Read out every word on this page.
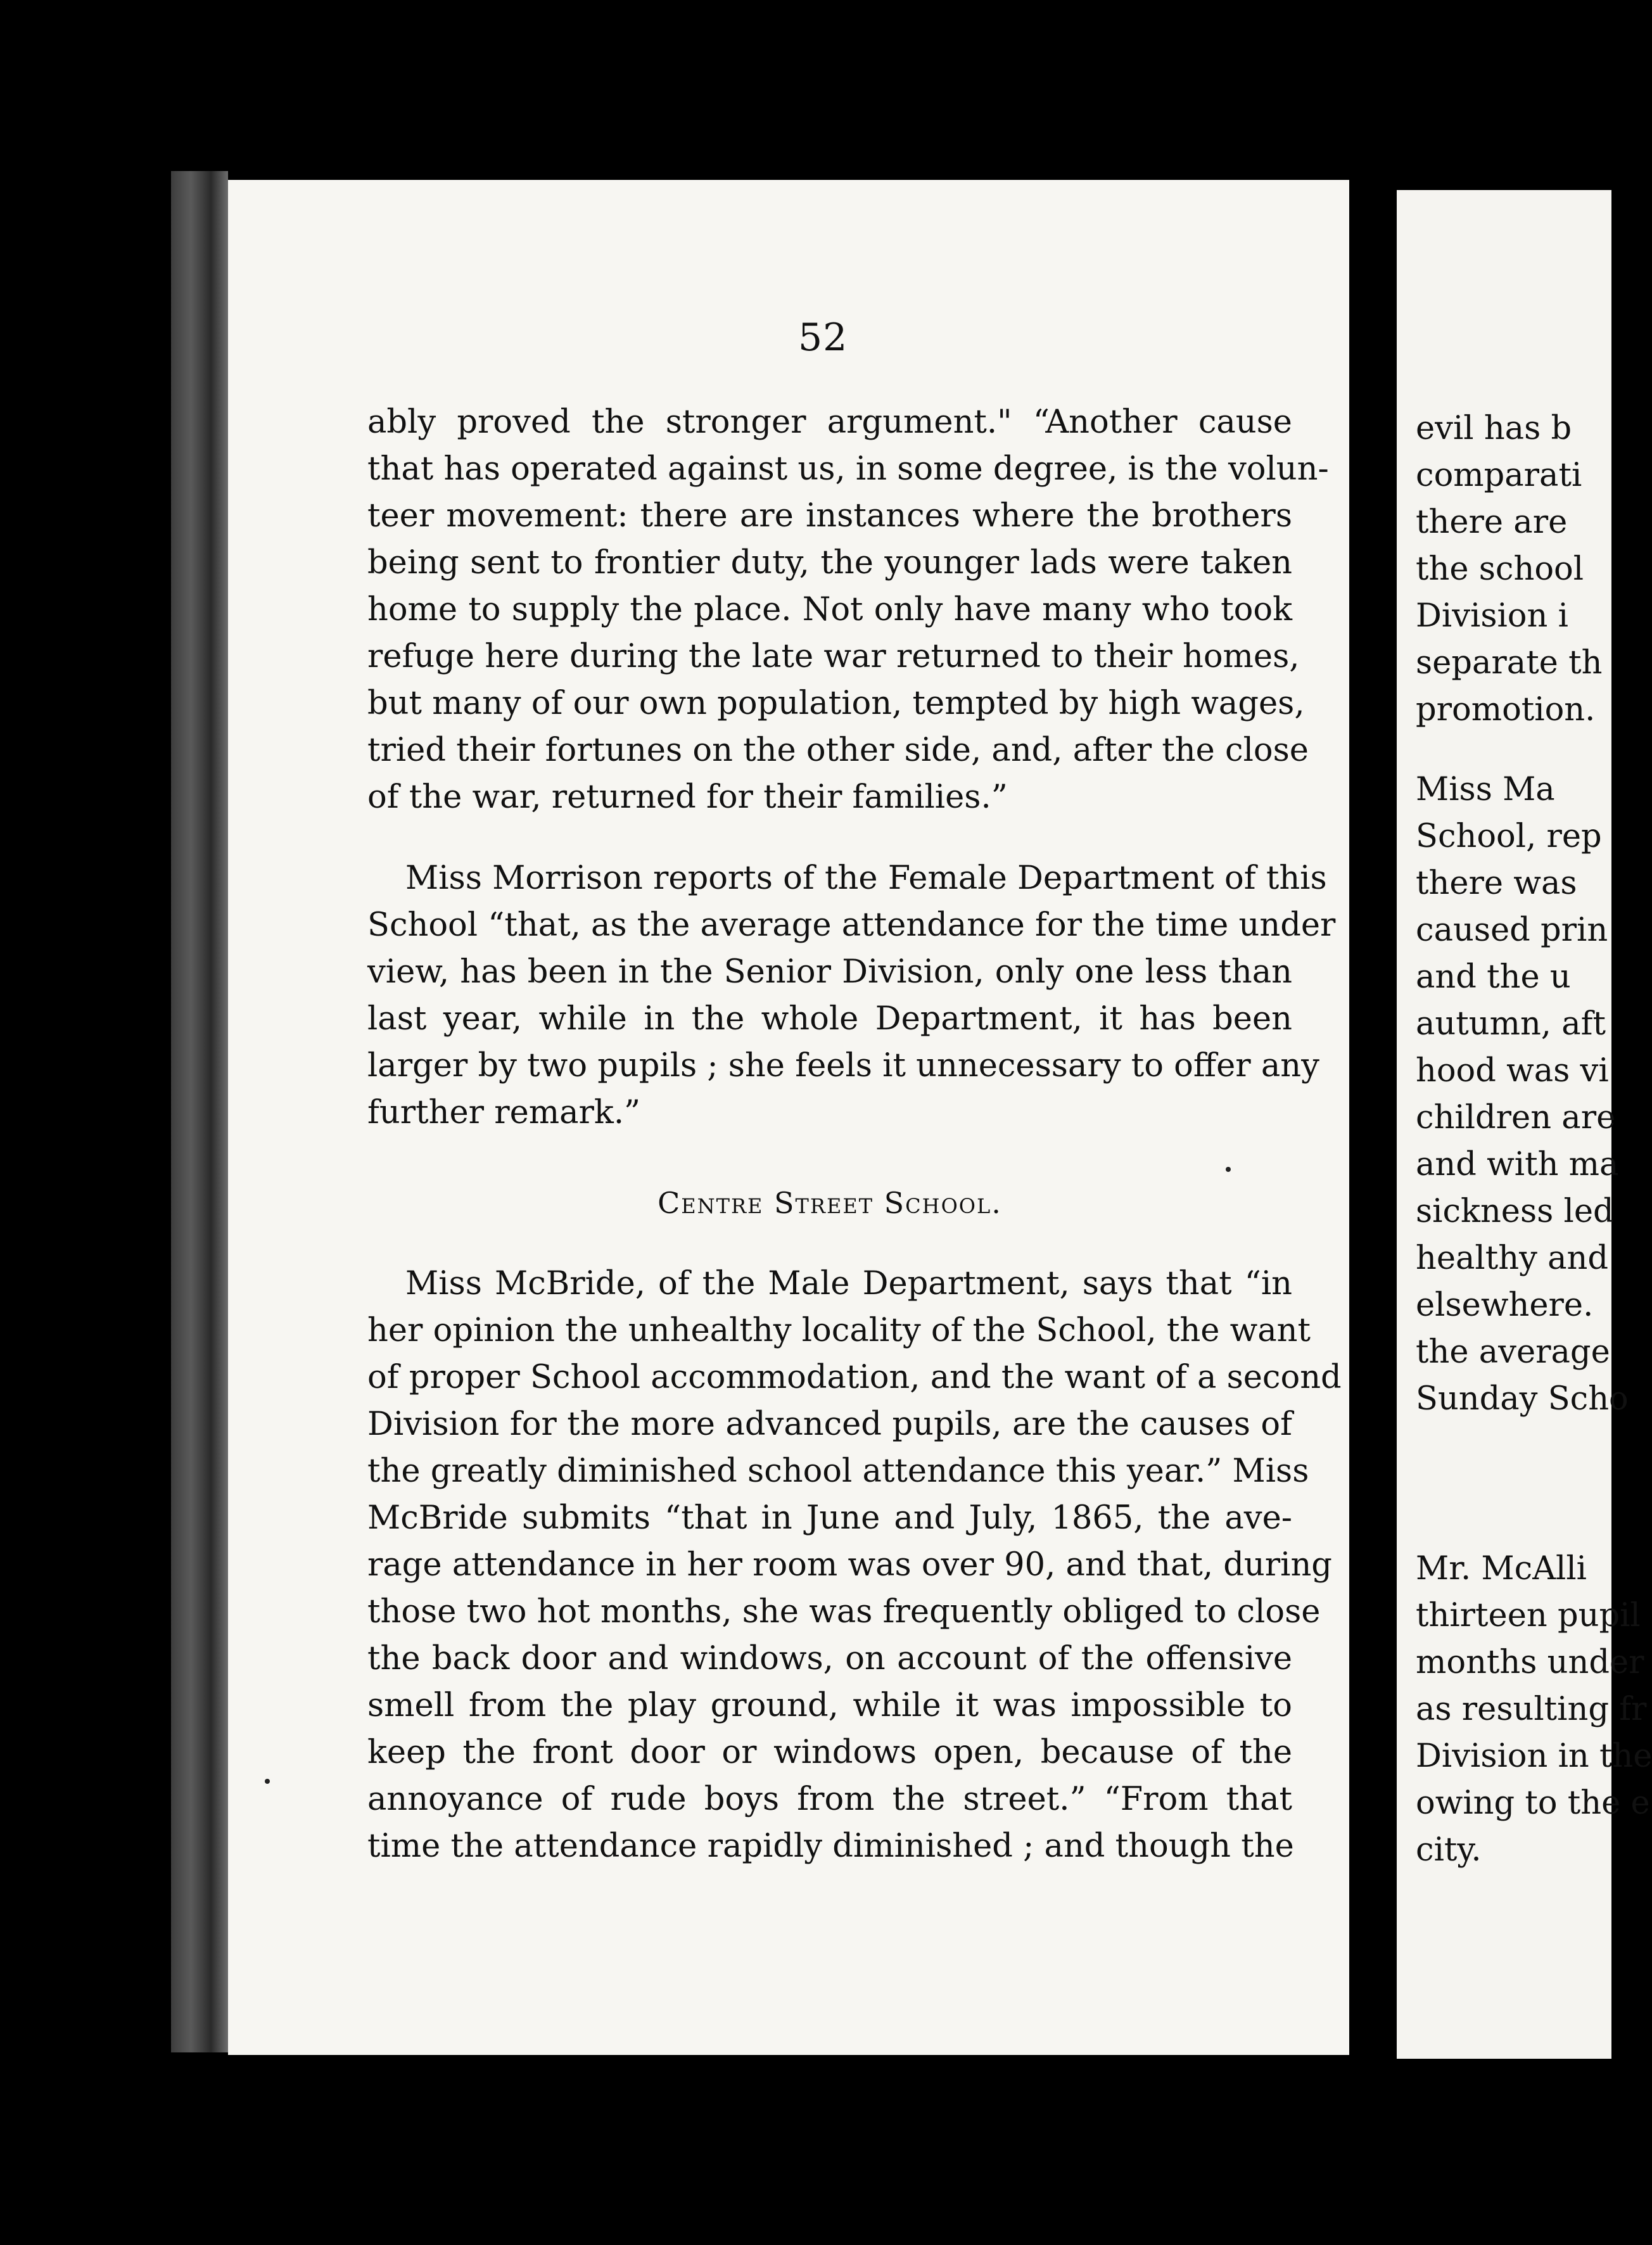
52
ably proved the stronger argument." “Another cause
that has operated against us, in some degree, is the volun-
teer movement: there are instances where the brothers
being sent to frontier duty, the younger lads were taken
home to supply the place. Not only have many who took
refuge here during the late war returned to their homes,
but many of our own population, tempted by high wages,
tried their fortunes on the other side, and, after the close
of the war, returned for their families.”
Miss Morrison reports of the Female Department of this
School “that, as the average attendance for the time under
view, has been in the Senior Division, only one less than
last year, while in the whole Department, it has been
larger by two pupils ; she feels it unnecessary to offer any
further remark.”
Centre Street School.
Miss McBride, of the Male Department, says that “in
her opinion the unhealthy locality of the School, the want
of proper School accommodation, and the want of a second
Division for the more advanced pupils, are the causes of
the greatly diminished school attendance this year.” Miss
McBride submits “that in June and July, 1865, the ave-
rage attendance in her room was over 90, and that, during
those two hot months, she was frequently obliged to close
the back door and windows, on account of the offensive
smell from the play ground, while it was impossible to
keep the front door or windows open, because of the
annoyance of rude boys from the street.” “From that
time the attendance rapidly diminished ; and though the
evil has b
comparati
there are
the school
Division i
separate th
promotion.
Miss Ma
School, rep
there was
caused prin
and the u
autumn, aft
hood was vi
children are
and with ma
sickness led
healthy and
elsewhere.
the average
Sunday Scho
Mr. McAlli
thirteen pupil
months under
as resulting fr
Division in the
owing to the e
city.
